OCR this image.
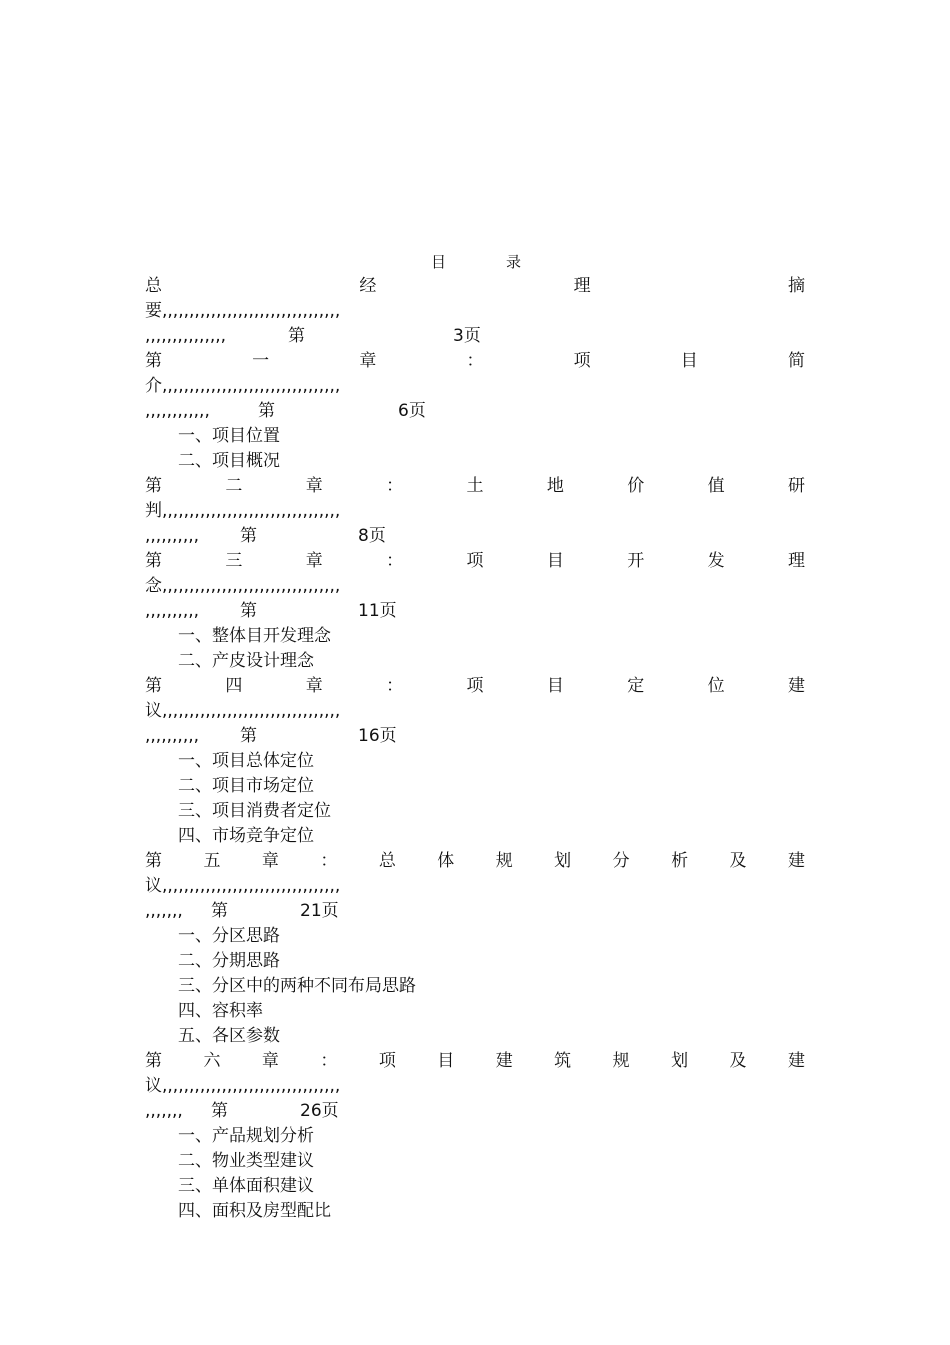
目	录
总	经	理	摘
要,,,,,,,,,,,,,,,,,,,,,,,,,,,,,,,,,
,,,,,,,,,,,,,,,	第	3 页
第	一	章	：	项	目	简
介,,,,,,,,,,,,,,,,,,,,,,,,,,,,,,,,,
,,,,,,,,,,,,	第	6 页
一、项目位置
二、项目概况
第	二	章	：	土	地	价	值	研
判,,,,,,,,,,,,,,,,,,,,,,,,,,,,,,,,,
,,,,,,,,,,	第	8 页
第	三	章	：	项	目	开	发	理
念,,,,,,,,,,,,,,,,,,,,,,,,,,,,,,,,,
,,,,,,,,,,	第	11 页
一、整体目开发理念
二、产皮设计理念
第	四	章	：	项	目	定	位	建
议,,,,,,,,,,,,,,,,,,,,,,,,,,,,,,,,,
,,,,,,,,,,	第	16 页
一、项目总体定位
二、项目市场定位
三、项目消费者定位
四、市场竞争定位
第 五 章 ： 总 体 规 划 分 析 及 建
议,,,,,,,,,,,,,,,,,,,,,,,,,,,,,,,,,
,,,,,,,	第	21 页
一、分区思路
二、分期思路
三、分区中的两种不同布局思路
四、容积率
五、各区参数
第 六 章 ： 项 目 建 筑 规 划 及 建
议,,,,,,,,,,,,,,,,,,,,,,,,,,,,,,,,,
,,,,,,,	第	26 页
一、产品规划分析
二、物业类型建议
三、单体面积建议
四、面积及房型配比
